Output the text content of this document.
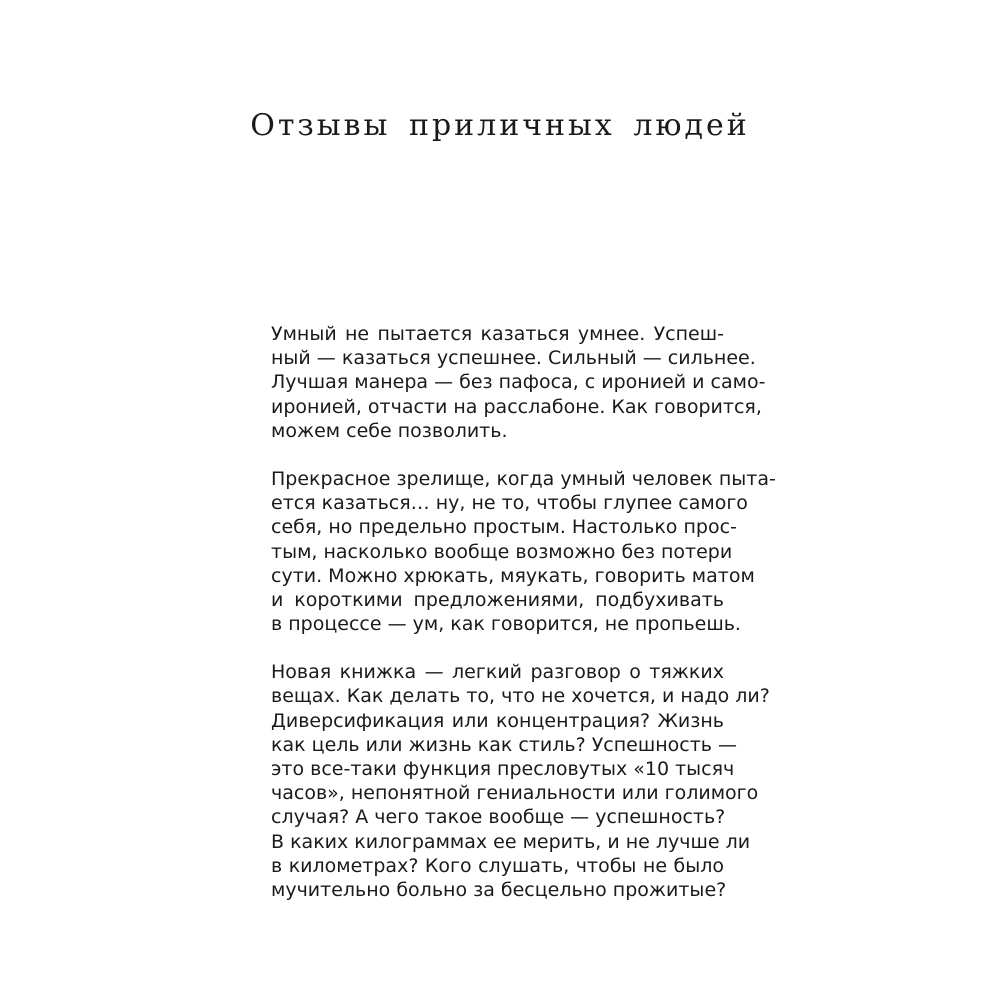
Отзывы приличных людей
Умный не пытается казаться умнее. Успеш-
ный — казаться успешнее. Сильный — сильнее.
Лучшая манера — без пафоса, с иронией и само-
иронией, отчасти на расслабоне. Как говорится,
можем себе позволить.
Прекрасное зрелище, когда умный человек пыта-
ется казаться… ну, не то, чтобы глупее самого
себя, но предельно простым. Настолько прос-
тым, насколько вообще возможно без потери
сути. Можно хрюкать, мяукать, говорить матом
и короткими предложениями, подбухивать
в процессе — ум, как говорится, не пропьешь.
Новая книжка — легкий разговор о тяжких
вещах. Как делать то, что не хочется, и надо ли?
Диверсификация или концентрация? Жизнь
как цель или жизнь как стиль? Успешность —
это все-таки функция пресловутых «10 тысяч
часов», непонятной гениальности или голимого
случая? А чего такое вообще — успешность?
В каких килограммах ее мерить, и не лучше ли
в километрах? Кого слушать, чтобы не было
мучительно больно за бесцельно прожитые?
